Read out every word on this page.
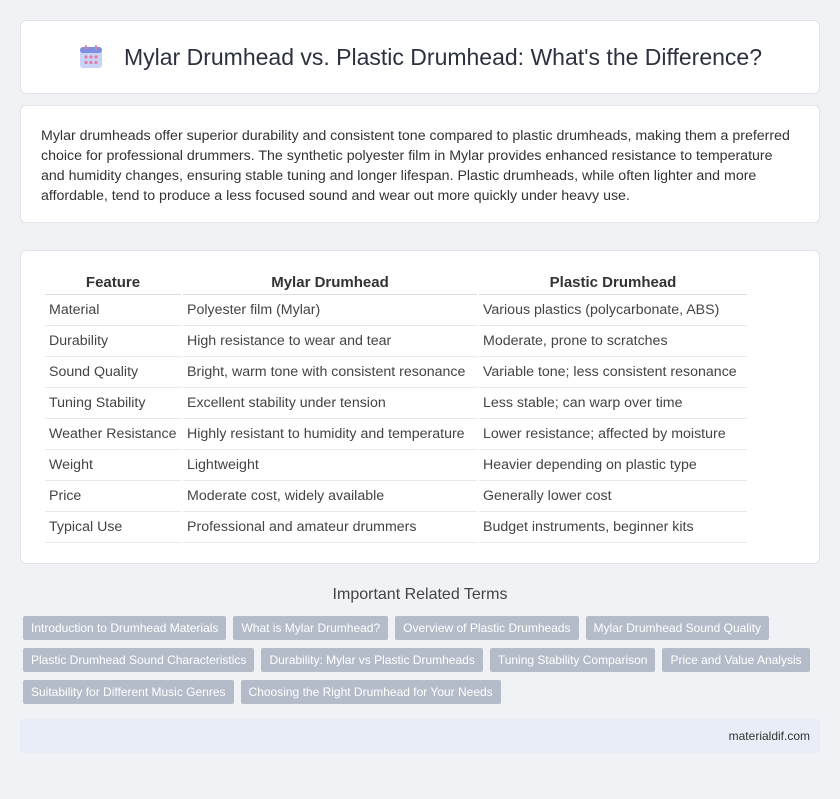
Mylar Drumhead vs. Plastic Drumhead: What's the Difference?

Mylar drumheads offer superior durability and consistent tone compared to plastic drumheads, making them a preferred choice for professional drummers. The synthetic polyester film in Mylar provides enhanced resistance to temperature and humidity changes, ensuring stable tuning and longer lifespan. Plastic drumheads, while often lighter and more affordable, tend to produce a less focused sound and wear out more quickly under heavy use.

Feature	Mylar Drumhead	Plastic Drumhead
Material	Polyester film (Mylar)	Various plastics (polycarbonate, ABS)
Durability	High resistance to wear and tear	Moderate, prone to scratches
Sound Quality	Bright, warm tone with consistent resonance	Variable tone; less consistent resonance
Tuning Stability	Excellent stability under tension	Less stable; can warp over time
Weather Resistance	Highly resistant to humidity and temperature	Lower resistance; affected by moisture
Weight	Lightweight	Heavier depending on plastic type
Price	Moderate cost, widely available	Generally lower cost
Typical Use	Professional and amateur drummers	Budget instruments, beginner kits
Important Related Terms
Introduction to Drumhead Materials	What is Mylar Drumhead?	Overview of Plastic Drumheads	Mylar Drumhead Sound Quality
Plastic Drumhead Sound Characteristics	Durability: Mylar vs Plastic Drumheads	Tuning Stability Comparison	Price and Value Analysis
Suitability for Different Music Genres	Choosing the Right Drumhead for Your Needs
materialdif.com
